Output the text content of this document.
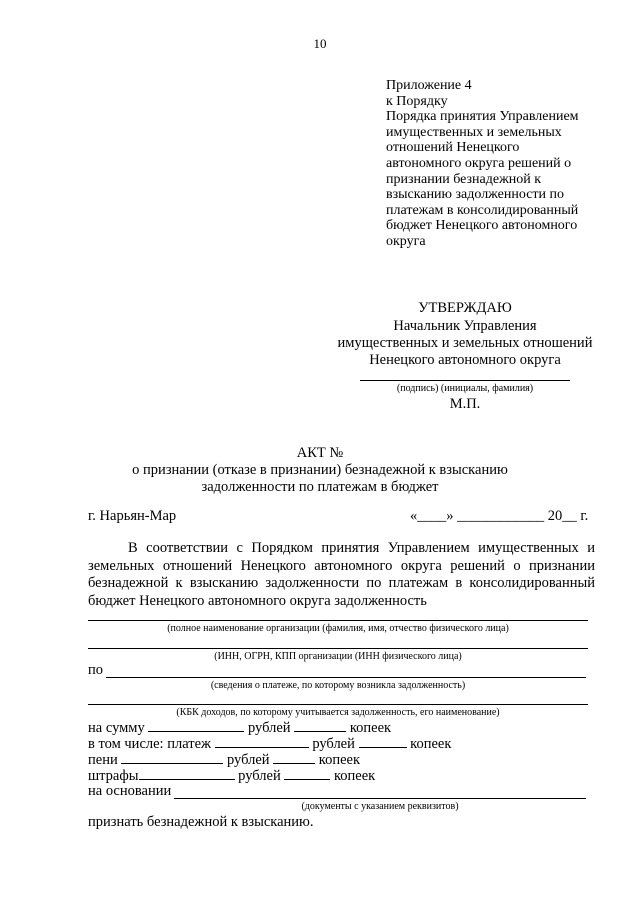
10
Приложение 4
к Порядку
Порядка принятия Управлением
имущественных и земельных
отношений Ненецкого
автономного округа решений о
признании безнадежной к
взысканию задолженности по
платежам в консолидированный
бюджет Ненецкого автономного
округа
УТВЕРЖДАЮ
Начальник Управления
имущественных и земельных отношений
Ненецкого автономного округа
(подпись) (инициалы, фамилия)
М.П.
АКТ №
о признании (отказе в признании) безнадежной к взысканию
задолженности по платежам в бюджет
г. Нарьян-Мар	«____» ____________ 20__ г.
В соответствии с Порядком принятия Управлением имущественных и земельных отношений Ненецкого автономного округа решений о признании безнадежной к взысканию задолженности по платежам в консолидированный бюджет Ненецкого автономного округа задолженность
(полное наименование организации (фамилия, имя, отчество физического лица)
(ИНН, ОГРН, КПП организации (ИНН физического лица)
по
(сведения о платеже, по которому возникла задолженность)
(КБК доходов, по которому учитывается задолженность, его наименование)
на сумму	рублей	копеек
в том числе: платеж	рублей	копеек
пени	рублей	копеек
штрафы	рублей	копеек
на основании
(документы с указанием реквизитов)
признать безнадежной к взысканию.
